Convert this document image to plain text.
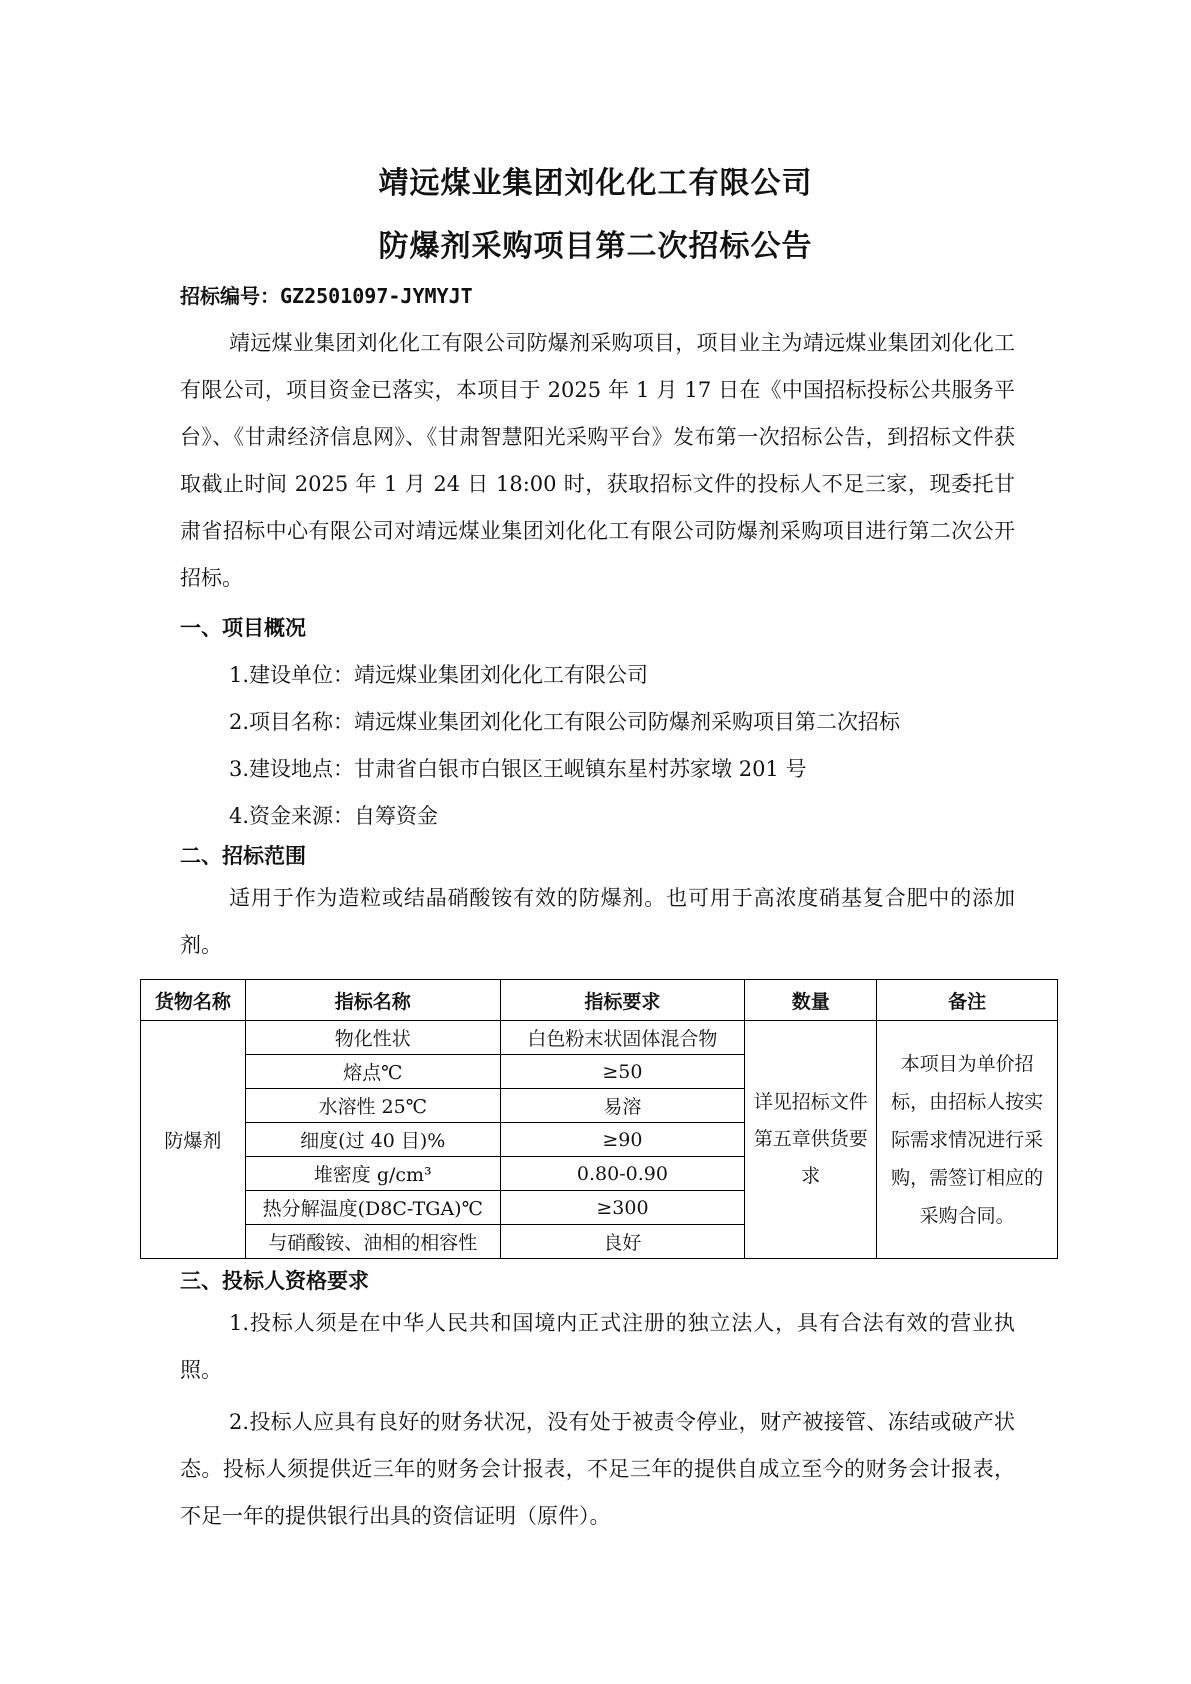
靖远煤业集团刘化化工有限公司
防爆剂采购项目第二次招标公告
招标编号：GZ2501097-JYMYJT

靖远煤业集团刘化化工有限公司防爆剂采购项目，项目业主为靖远煤业集团刘化化工有限公司，项目资金已落实，本项目于 2025 年 1 月 17 日在《中国招标投标公共服务平台》、《甘肃经济信息网》、《甘肃智慧阳光采购平台》发布第一次招标公告，到招标文件获取截止时间 2025 年 1 月 24 日 18:00 时，获取招标文件的投标人不足三家，现委托甘肃省招标中心有限公司对靖远煤业集团刘化化工有限公司防爆剂采购项目进行第二次公开招标。

一、项目概况
1.建设单位：靖远煤业集团刘化化工有限公司
2.项目名称：靖远煤业集团刘化化工有限公司防爆剂采购项目第二次招标
3.建设地点：甘肃省白银市白银区王岘镇东星村苏家墩 201 号
4.资金来源：自筹资金
二、招标范围

适用于作为造粒或结晶硝酸铵有效的防爆剂。也可用于高浓度硝基复合肥中的添加剂。

货物名称	指标名称	指标要求	数量	备注
防爆剂	物化性状	白色粉末状固体混合物	详见招标文件第五章供货要求	本项目为单价招标，由招标人按实际需求情况进行采购，需签订相应的采购合同。
	熔点℃	≥50		
	水溶性 25℃	易溶		
	细度(过 40 目)%	≥90		
	堆密度 g/cm³	0.80-0.90		
	热分解温度(D8C-TGA)℃	≥300		
	与硝酸铵、油相的相容性	良好		
三、投标人资格要求

1.投标人须是在中华人民共和国境内正式注册的独立法人，具有合法有效的营业执照。

2.投标人应具有良好的财务状况，没有处于被责令停业，财产被接管、冻结或破产状态。投标人须提供近三年的财务会计报表，不足三年的提供自成立至今的财务会计报表，不足一年的提供银行出具的资信证明（原件）。
